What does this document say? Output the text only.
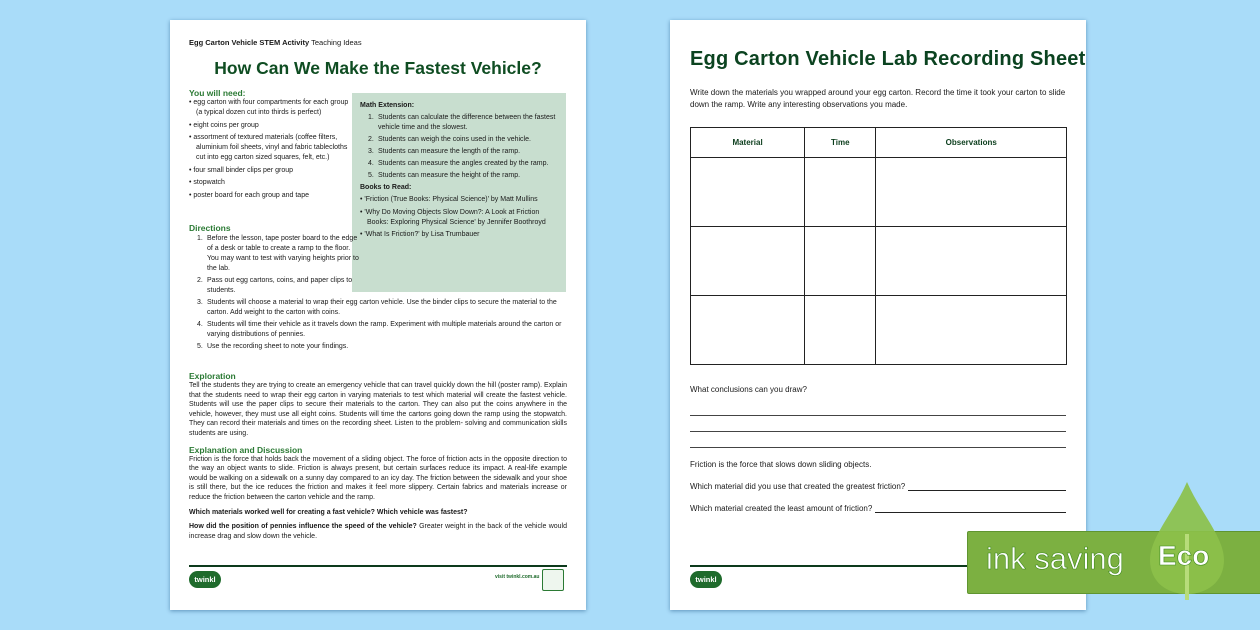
Egg Carton Vehicle STEM Activity Teaching Ideas
How Can We Make the Fastest Vehicle?
You will need:
• egg carton with four compartments for each group (a typical dozen cut into thirds is perfect)
• eight coins per group
• assortment of textured materials (coffee filters, aluminium foil sheets, vinyl and fabric tablecloths cut into egg carton sized squares, felt, etc.)
• four small binder clips per group
• stopwatch
• poster board for each group and tape
Math Extension:
1. Students can calculate the difference between the fastest vehicle time and the slowest.
2. Students can weigh the coins used in the vehicle.
3. Students can measure the length of the ramp.
4. Students can measure the angles created by the ramp.
5. Students can measure the height of the ramp.
Books to Read:
• 'Friction (True Books: Physical Science)' by Matt Mullins
• 'Why Do Moving Objects Slow Down?: A Look at Friction Books: Exploring Physical Science' by Jennifer Boothroyd
• 'What Is Friction?' by Lisa Trumbauer
Directions
1. Before the lesson, tape poster board to the edge of a desk or table to create a ramp to the floor. You may want to test with varying heights prior to the lab.
2. Pass out egg cartons, coins, and paper clips to students.
3. Students will choose a material to wrap their egg carton vehicle. Use the binder clips to secure the material to the carton. Add weight to the carton with coins.
4. Students will time their vehicle as it travels down the ramp. Experiment with multiple materials around the carton or varying distributions of pennies.
5. Use the recording sheet to note your findings.
Exploration

Tell the students they are trying to create an emergency vehicle that can travel quickly down the hill (poster ramp). Explain that the students need to wrap their egg carton in varying materials to test which material will create the fastest vehicle. Students will use the paper clips to secure their materials to the carton. They can also put the coins anywhere in the vehicle, however, they must use all eight coins. Students will time the cartons going down the ramp using the stopwatch. They can record their materials and times on the recording sheet. Listen to the problem- solving and communication skills students are using.

Explanation and Discussion

Friction is the force that holds back the movement of a sliding object. The force of friction acts in the opposite direction to the way an object wants to slide. Friction is always present, but certain surfaces reduce its impact. A real-life example would be walking on a sidewalk on a sunny day compared to an icy day. The friction between the sidewalk and your shoe is still there, but the ice reduces the friction and makes it feel more slippery. Certain fabrics and materials increase or reduce the friction between the carton vehicle and the ramp.

Which materials worked well for creating a fast vehicle? Which vehicle was fastest?

How did the position of pennies influence the speed of the vehicle? Greater weight in the back of the vehicle would increase drag and slow down the vehicle.

twinkl	visit twinkl.com.au
Egg Carton Vehicle Lab Recording Sheet
Write down the materials you wrapped around your egg carton. Record the time it took your carton to slide down the ramp. Write any interesting observations you made.
Material	Time	Observations

What conclusions can you draw?
Friction is the force that slows down sliding objects.
Which material did you use that created the greatest friction?
Which material created the least amount of friction?
twinkl
ink saving Eco
